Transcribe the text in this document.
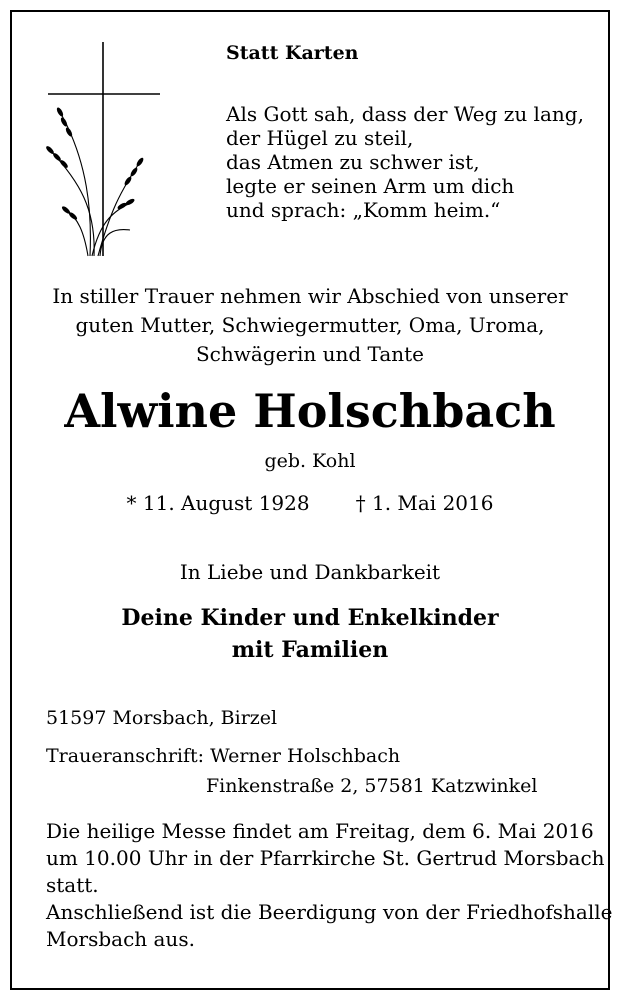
Statt Karten
Als Gott sah, dass der Weg zu lang,
der Hügel zu steil,
das Atmen zu schwer ist,
legte er seinen Arm um dich
und sprach: „Komm heim.“
In stiller Trauer nehmen wir Abschied von unserer
guten Mutter, Schwiegermutter, Oma, Uroma,
Schwägerin und Tante
Alwine Holschbach
geb. Kohl
* 11. August 1928 † 1. Mai 2016
In Liebe und Dankbarkeit
Deine Kinder und Enkelkinder
mit Familien
51597 Morsbach, Birzel
Traueranschrift: Werner Holschbach
Finkenstraße 2, 57581 Katzwinkel
Die heilige Messe findet am Freitag, dem 6. Mai 2016
um 10.00 Uhr in der Pfarrkirche St. Gertrud Morsbach
statt.
Anschließend ist die Beerdigung von der Friedhofshalle
Morsbach aus.
